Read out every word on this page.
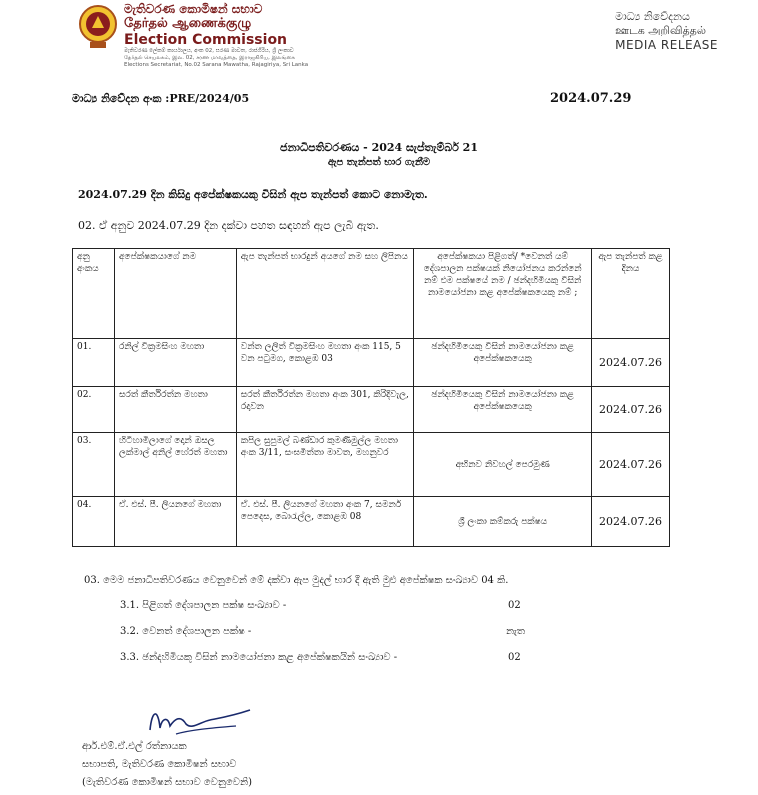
මැතිවරණ කොමිෂන් සභාව
தேர்தல் ஆணைக்குழு
Election Commission
මැතිවරණ ලේකම් කාර්යාලය, අංක 02, සරණ මාවත, රාජගිරිය, ශ්‍රී ලංකාව
தேர்தல் செயலகம், இல. 02, சரண மாவத்தை, இராஜகிரிய, இலங்கை
Elections Secretariat, No.02 Sarana Mawatha, Rajagiriya, Sri Lanka
මාධ්‍ය නිවේදනය
ஊடக அறிவித்தல்
MEDIA RELEASE
මාධ්‍ය නිවේදන අංක :PRE/2024/05	2024.07.29
ජනාධිපතිවරණය - 2024 සැප්තැම්බර් 21
ඇප තැන්පත් භාර ගැනීම
2024.07.29 දින කිසිදු අපේක්ෂකයකු විසින් ඇප තැන්පත් කොට නොමැත.
02. ඒ අනුව 2024.07.29 දින දක්වා පහත සඳහන් ඇප ලැබී ඇත.
අනු අංකය	අපේක්ෂකයාගේ නම	ඇප තැන්පත් භාරදුන් අයගේ නම සහ ලිපිනය	අපේක්ෂකයා පිළිගත්/ *වෙනත් යම් දේශපාලන පක්ෂයක් නියෝජනය කරන්නේ නම් එම පක්ෂයේ නම / ඡන්දහිමියකු විසින් නාමයෝජනා කළ අපේක්ෂකයෙකු නම් ;	ඇප තැන්පත් කළ දිනය
01.	රනිල් වික්‍රමසිංහ මහතා	වන්ත ලලිත් වික්‍රමසිංහ මහතා අංක 115, 5 වන පටුමග, කොළඹ 03	ඡන්දහිමියෙකු විසින් නාමයෝජනා කළ අපේක්ෂකයෙකු	2024.07.26
02.	සරත් කීර්තිරත්න මහතා	සරත් කීර්තිරත්න මහතා අංක 301, කිරිදිවැල, රදාවන	ඡන්දහිමියෙකු විසින් නාමයෝජනා කළ අපේක්ෂකයෙකු	2024.07.26
03.	හිටිහාමිලාගේ දොන් ඔසල ලක්මාල් අනිල් හේරත් මහතා	කපිල සුපුමල් බණ්ඩාර කුමණිමුල්ල මහතා අංක 3/11, සංඝමිත්තා මාවත, මහනුවර	අභිනව නිවහල් පෙරමුණ	2024.07.26
04.	ඒ. එස්. පී. ලියනගේ මහතා	ඒ. එස්. පී. ලියනගේ මහතා අංක 7, සමනර් පෙදෙස, බොරැල්ල, කොළඹ 08	ශ්‍රී ලංකා කම්කරු පක්ෂය	2024.07.26
03. මෙම ජනාධිපතිවරණය වෙනුවෙන් මේ දක්වා ඇප මුදල් භාර දී ඇති මුළු අපේක්ෂක සංඛ්‍යාව 04 කි.
3.1. පිළිගත් දේශපාලන පක්ෂ සංඛ්‍යාව -	02
3.2. වෙනත් දේශපාලන පක්ෂ -	නැත
3.3. ඡන්දහිමියකු විසින් නාමයෝජනා කළ අපේක්ෂකයින් සංඛ්‍යාව -	02
ආර්.එම්.ඒ.එල් රත්නායක
සභාපති, මැතිවරණ කොමිෂන් සභාව
(මැතිවරණ කොමිෂන් සභාව වෙනුවෙනි)
